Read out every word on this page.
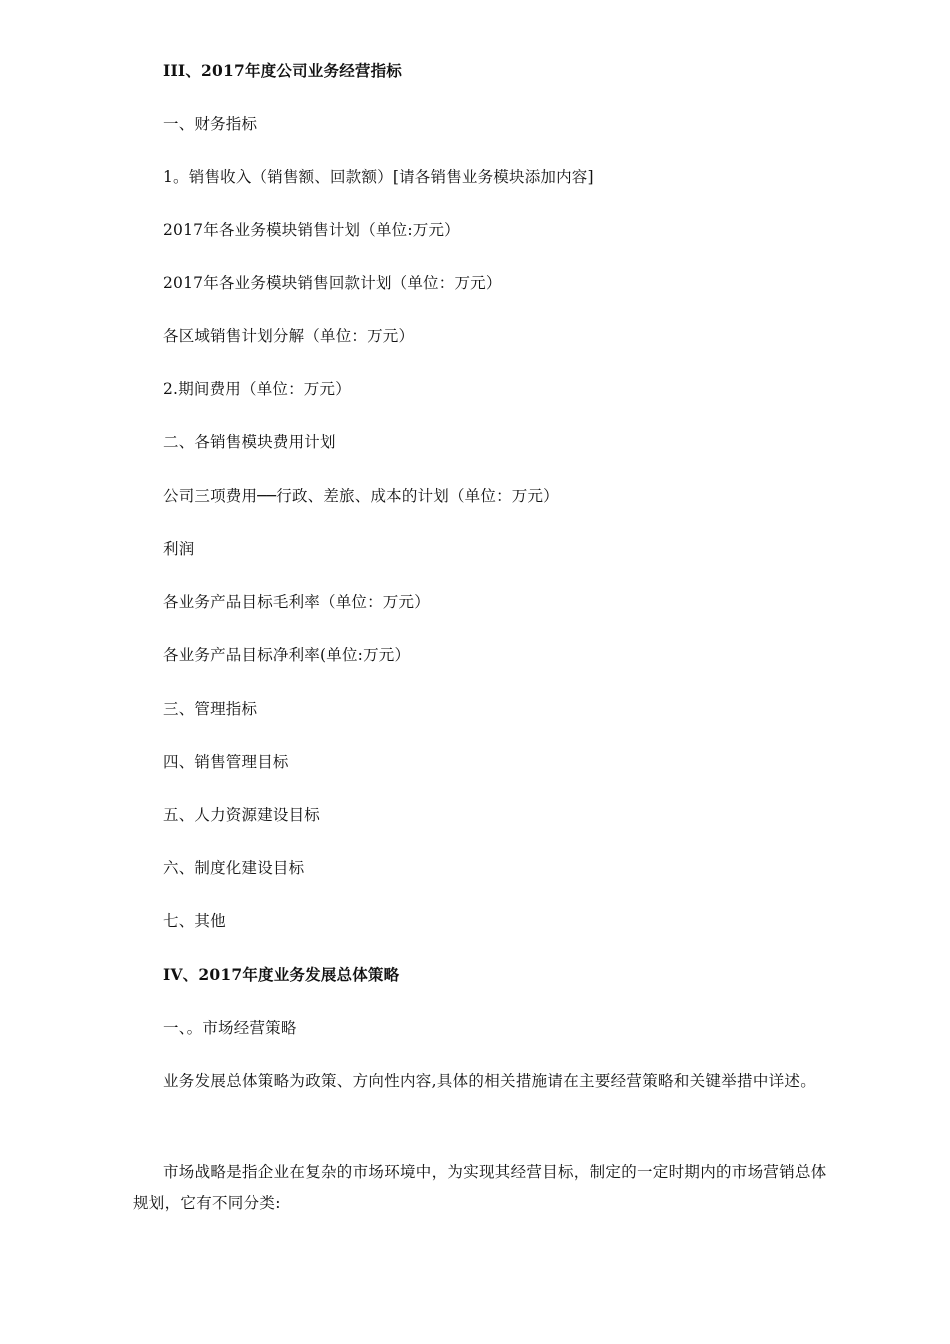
III、2017年度公司业务经营指标
一、财务指标
1。销售收入（销售额、回款额）[请各销售业务模块添加内容]
2017年各业务模块销售计划（单位:万元）
2017年各业务模块销售回款计划（单位：万元）
各区域销售计划分解（单位：万元）
2.期间费用（单位：万元）
二、各销售模块费用计划
公司三项费用──行政、差旅、成本的计划（单位：万元）
利润
各业务产品目标毛利率（单位：万元）
各业务产品目标净利率(单位:万元）
三、管理指标
四、销售管理目标
五、人力资源建设目标
六、制度化建设目标
七、其他
IV、2017年度业务发展总体策略
一、。市场经营策略

业务发展总体策略为政策、方向性内容,具体的相关措施请在主要经营策略和关键举措中详述。

市场战略是指企业在复杂的市场环境中，为实现其经营目标，制定的一定时期内的市场营销总体规划，它有不同分类:
